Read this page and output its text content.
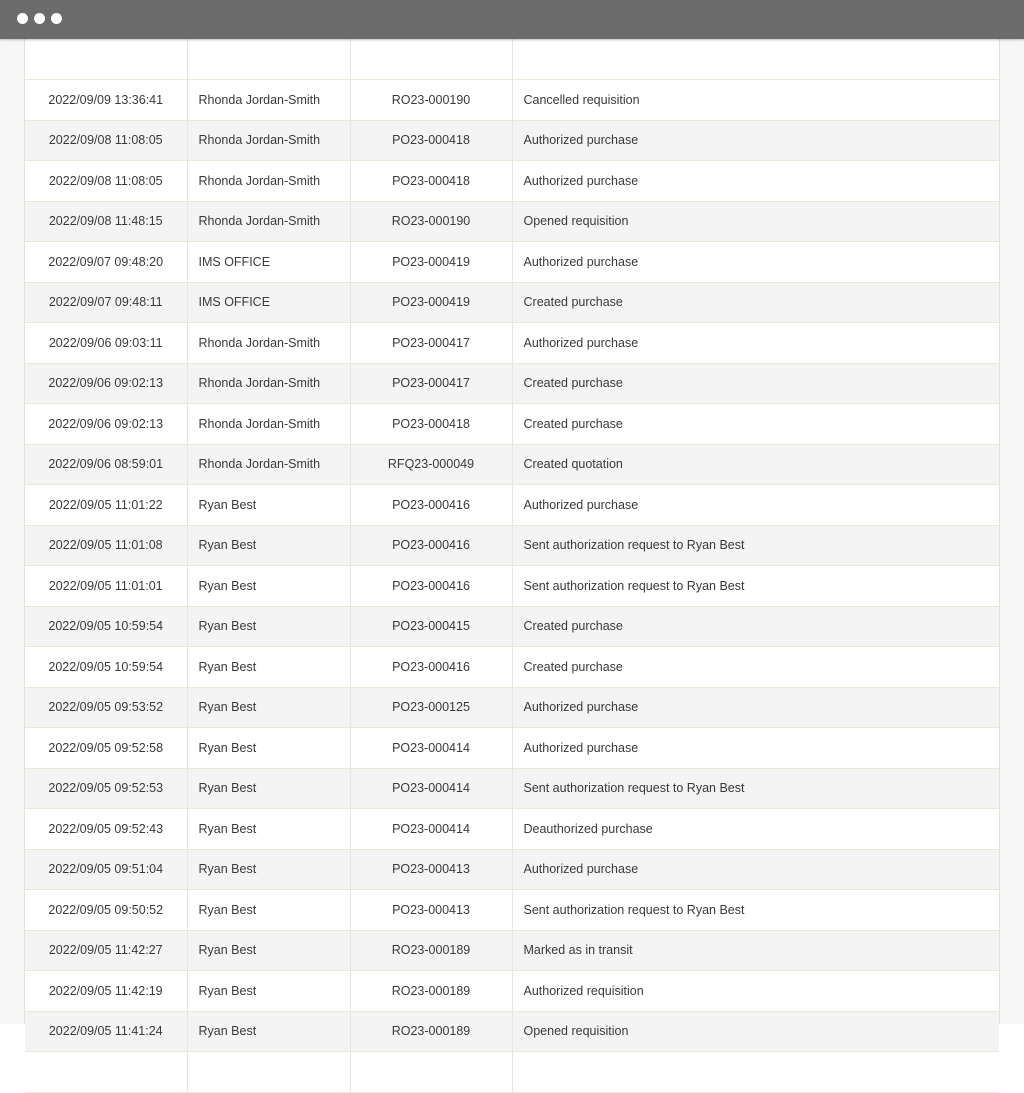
2022/09/09 13:36:41	Rhonda Jordan-Smith	RO23-000190	Cancelled requisition
2022/09/08 11:08:05	Rhonda Jordan-Smith	PO23-000418	Authorized purchase
2022/09/08 11:08:05	Rhonda Jordan-Smith	PO23-000418	Authorized purchase
2022/09/08 11:48:15	Rhonda Jordan-Smith	RO23-000190	Opened requisition
2022/09/07 09:48:20	IMS OFFICE	PO23-000419	Authorized purchase
2022/09/07 09:48:11	IMS OFFICE	PO23-000419	Created purchase
2022/09/06 09:03:11	Rhonda Jordan-Smith	PO23-000417	Authorized purchase
2022/09/06 09:02:13	Rhonda Jordan-Smith	PO23-000417	Created purchase
2022/09/06 09:02:13	Rhonda Jordan-Smith	PO23-000418	Created purchase
2022/09/06 08:59:01	Rhonda Jordan-Smith	RFQ23-000049	Created quotation
2022/09/05 11:01:22	Ryan Best	PO23-000416	Authorized purchase
2022/09/05 11:01:08	Ryan Best	PO23-000416	Sent authorization request to Ryan Best
2022/09/05 11:01:01	Ryan Best	PO23-000416	Sent authorization request to Ryan Best
2022/09/05 10:59:54	Ryan Best	PO23-000415	Created purchase
2022/09/05 10:59:54	Ryan Best	PO23-000416	Created purchase
2022/09/05 09:53:52	Ryan Best	PO23-000125	Authorized purchase
2022/09/05 09:52:58	Ryan Best	PO23-000414	Authorized purchase
2022/09/05 09:52:53	Ryan Best	PO23-000414	Sent authorization request to Ryan Best
2022/09/05 09:52:43	Ryan Best	PO23-000414	Deauthorized purchase
2022/09/05 09:51:04	Ryan Best	PO23-000413	Authorized purchase
2022/09/05 09:50:52	Ryan Best	PO23-000413	Sent authorization request to Ryan Best
2022/09/05 11:42:27	Ryan Best	RO23-000189	Marked as in transit
2022/09/05 11:42:19	Ryan Best	RO23-000189	Authorized requisition
2022/09/05 11:41:24	Ryan Best	RO23-000189	Opened requisition
